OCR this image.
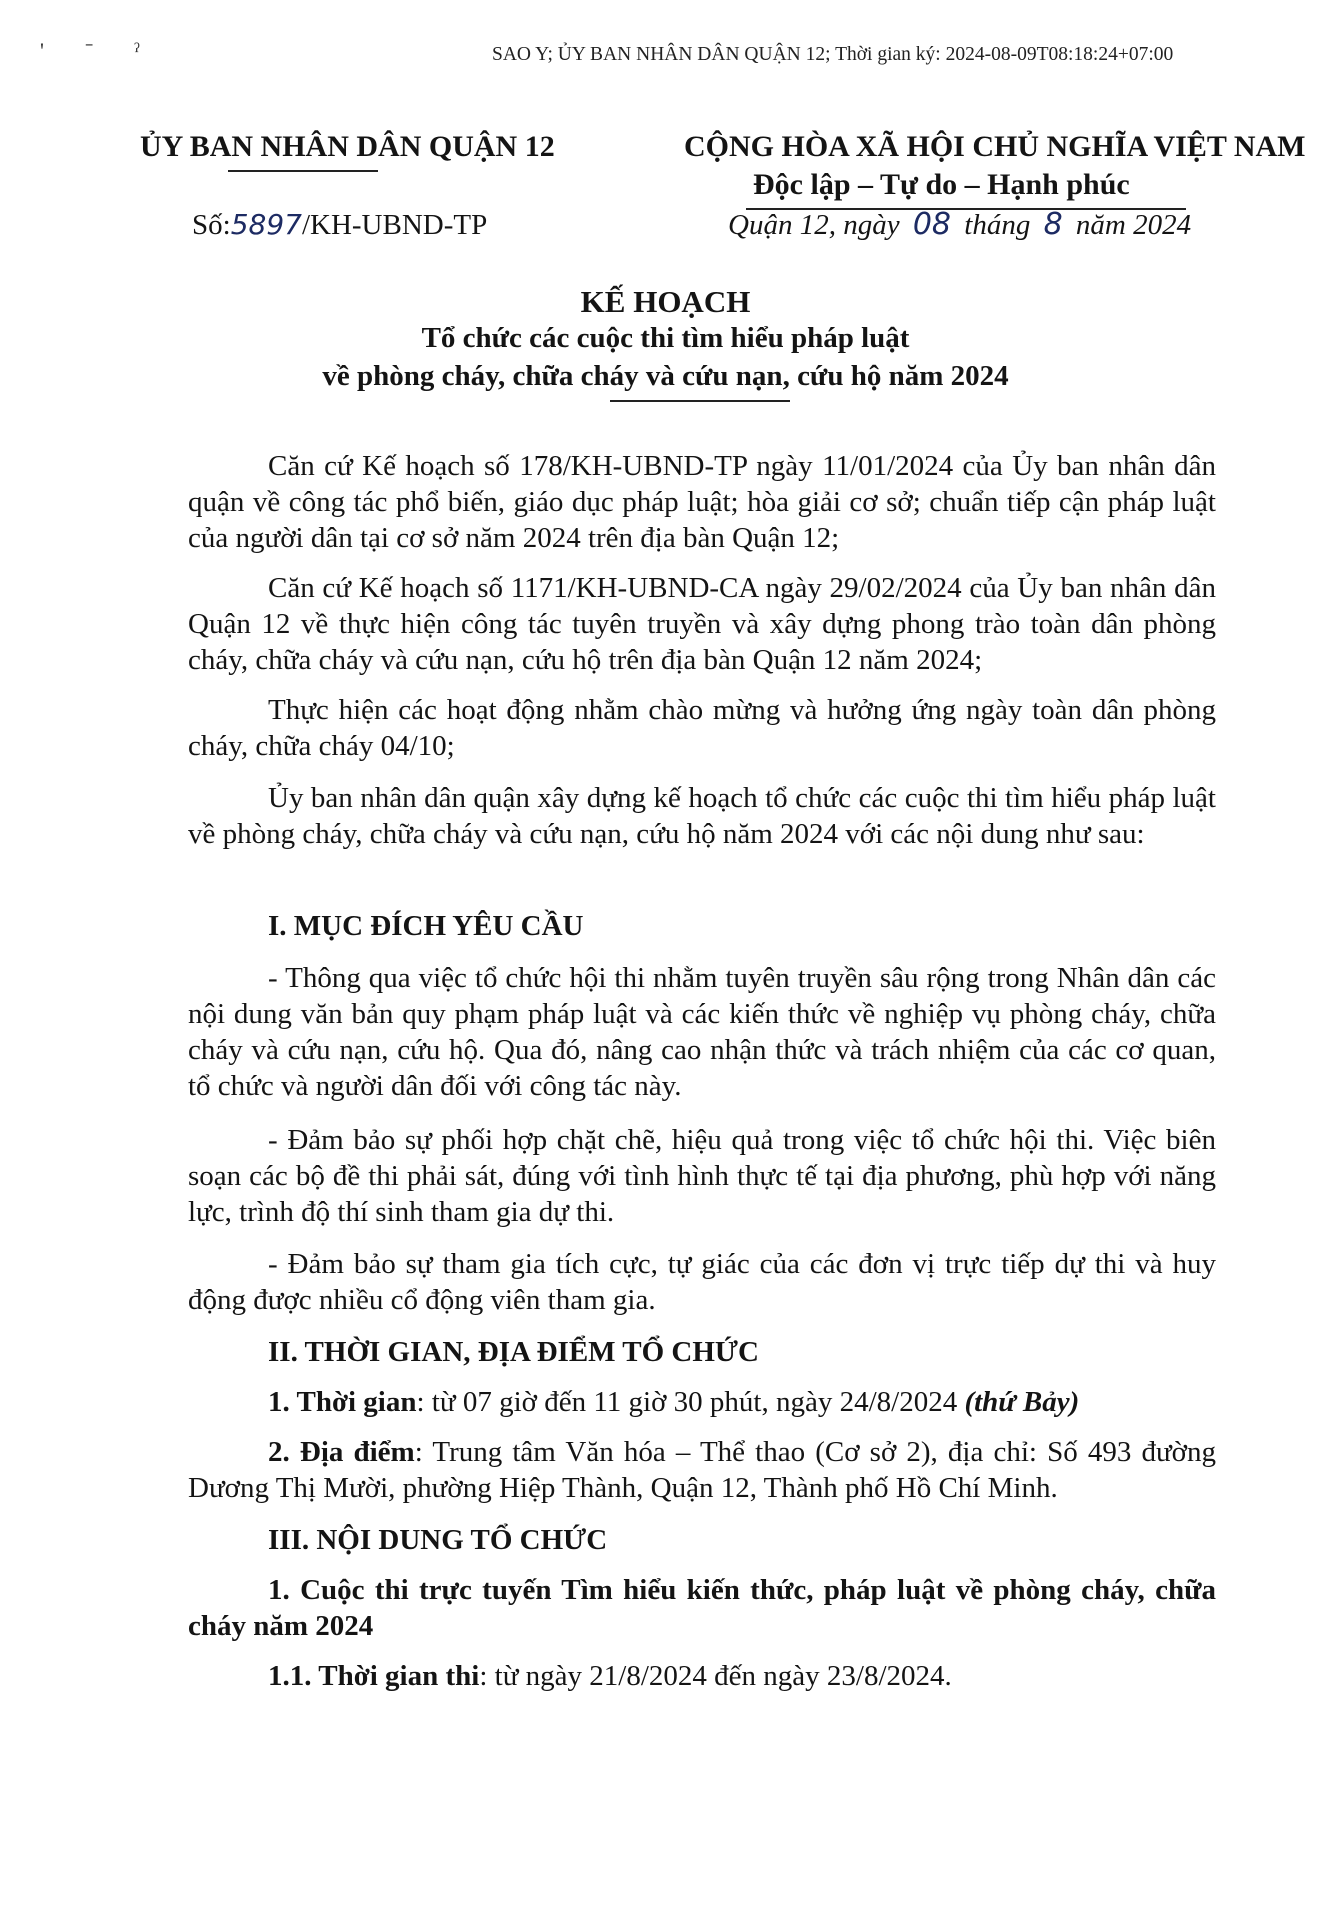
' ˉ ˀ	SAO Y; ỦY BAN NHÂN DÂN QUẬN 12; Thời gian ký: 2024-08-09T08:18:24+07:00
ỦY BAN NHÂN DÂN QUẬN 12
Số:5897/KH-UBND-TP
CỘNG HÒA XÃ HỘI CHỦ NGHĨA VIỆT NAM
Độc lập – Tự do – Hạnh phúc
Quận 12, ngày 08 tháng 8 năm 2024
KẾ HOẠCH
Tổ chức các cuộc thi tìm hiểu pháp luật
về phòng cháy, chữa cháy và cứu nạn, cứu hộ năm 2024

Căn cứ Kế hoạch số 178/KH-UBND-TP ngày 11/01/2024 của Ủy ban nhân dân quận về công tác phổ biến, giáo dục pháp luật; hòa giải cơ sở; chuẩn tiếp cận pháp luật của người dân tại cơ sở năm 2024 trên địa bàn Quận 12;

Căn cứ Kế hoạch số 1171/KH-UBND-CA ngày 29/02/2024 của Ủy ban nhân dân Quận 12 về thực hiện công tác tuyên truyền và xây dựng phong trào toàn dân phòng cháy, chữa cháy và cứu nạn, cứu hộ trên địa bàn Quận 12 năm 2024;

Thực hiện các hoạt động nhằm chào mừng và hưởng ứng ngày toàn dân phòng cháy, chữa cháy 04/10;

Ủy ban nhân dân quận xây dựng kế hoạch tổ chức các cuộc thi tìm hiểu pháp luật về phòng cháy, chữa cháy và cứu nạn, cứu hộ năm 2024 với các nội dung như sau:

I. MỤC ĐÍCH YÊU CẦU

- Thông qua việc tổ chức hội thi nhằm tuyên truyền sâu rộng trong Nhân dân các nội dung văn bản quy phạm pháp luật và các kiến thức về nghiệp vụ phòng cháy, chữa cháy và cứu nạn, cứu hộ. Qua đó, nâng cao nhận thức và trách nhiệm của các cơ quan, tổ chức và người dân đối với công tác này.

- Đảm bảo sự phối hợp chặt chẽ, hiệu quả trong việc tổ chức hội thi. Việc biên soạn các bộ đề thi phải sát, đúng với tình hình thực tế tại địa phương, phù hợp với năng lực, trình độ thí sinh tham gia dự thi.

- Đảm bảo sự tham gia tích cực, tự giác của các đơn vị trực tiếp dự thi và huy động được nhiều cổ động viên tham gia.

II. THỜI GIAN, ĐỊA ĐIỂM TỔ CHỨC
1. Thời gian: từ 07 giờ đến 11 giờ 30 phút, ngày 24/8/2024 (thứ Bảy)

2. Địa điểm: Trung tâm Văn hóa – Thể thao (Cơ sở 2), địa chỉ: Số 493 đường Dương Thị Mười, phường Hiệp Thành, Quận 12, Thành phố Hồ Chí Minh.

III. NỘI DUNG TỔ CHỨC

1. Cuộc thi trực tuyến Tìm hiểu kiến thức, pháp luật về phòng cháy, chữa cháy năm 2024

1.1. Thời gian thi: từ ngày 21/8/2024 đến ngày 23/8/2024.
